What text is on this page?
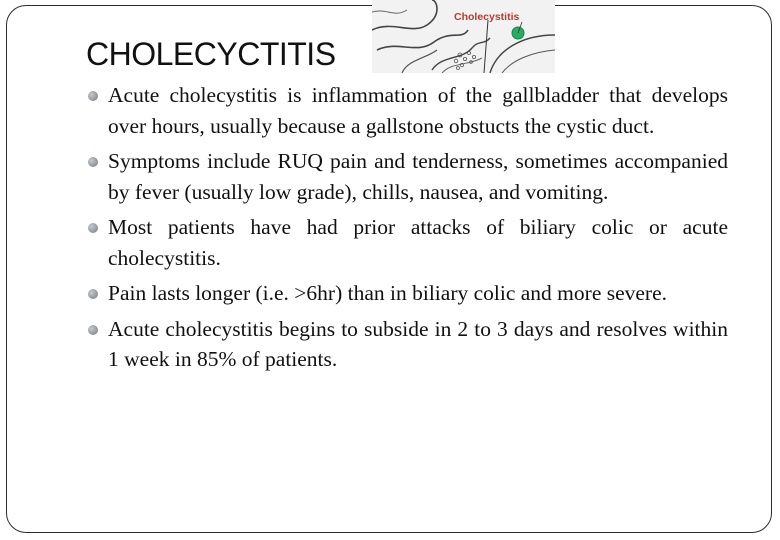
CHOLECYCTITIS
Cholecystitis
Acute cholecystitis is inflammation of the gallbladder that develops over hours, usually because a gallstone obstucts the cystic duct.
Symptoms include RUQ pain and tenderness, sometimes accompanied by fever (usually low grade), chills, nausea, and vomiting.
Most patients have had prior attacks of biliary colic or acute cholecystitis.
Pain lasts longer (i.e. >6hr) than in biliary colic and more severe.
Acute cholecystitis begins to subside in 2 to 3 days and resolves within 1 week in 85% of patients.
